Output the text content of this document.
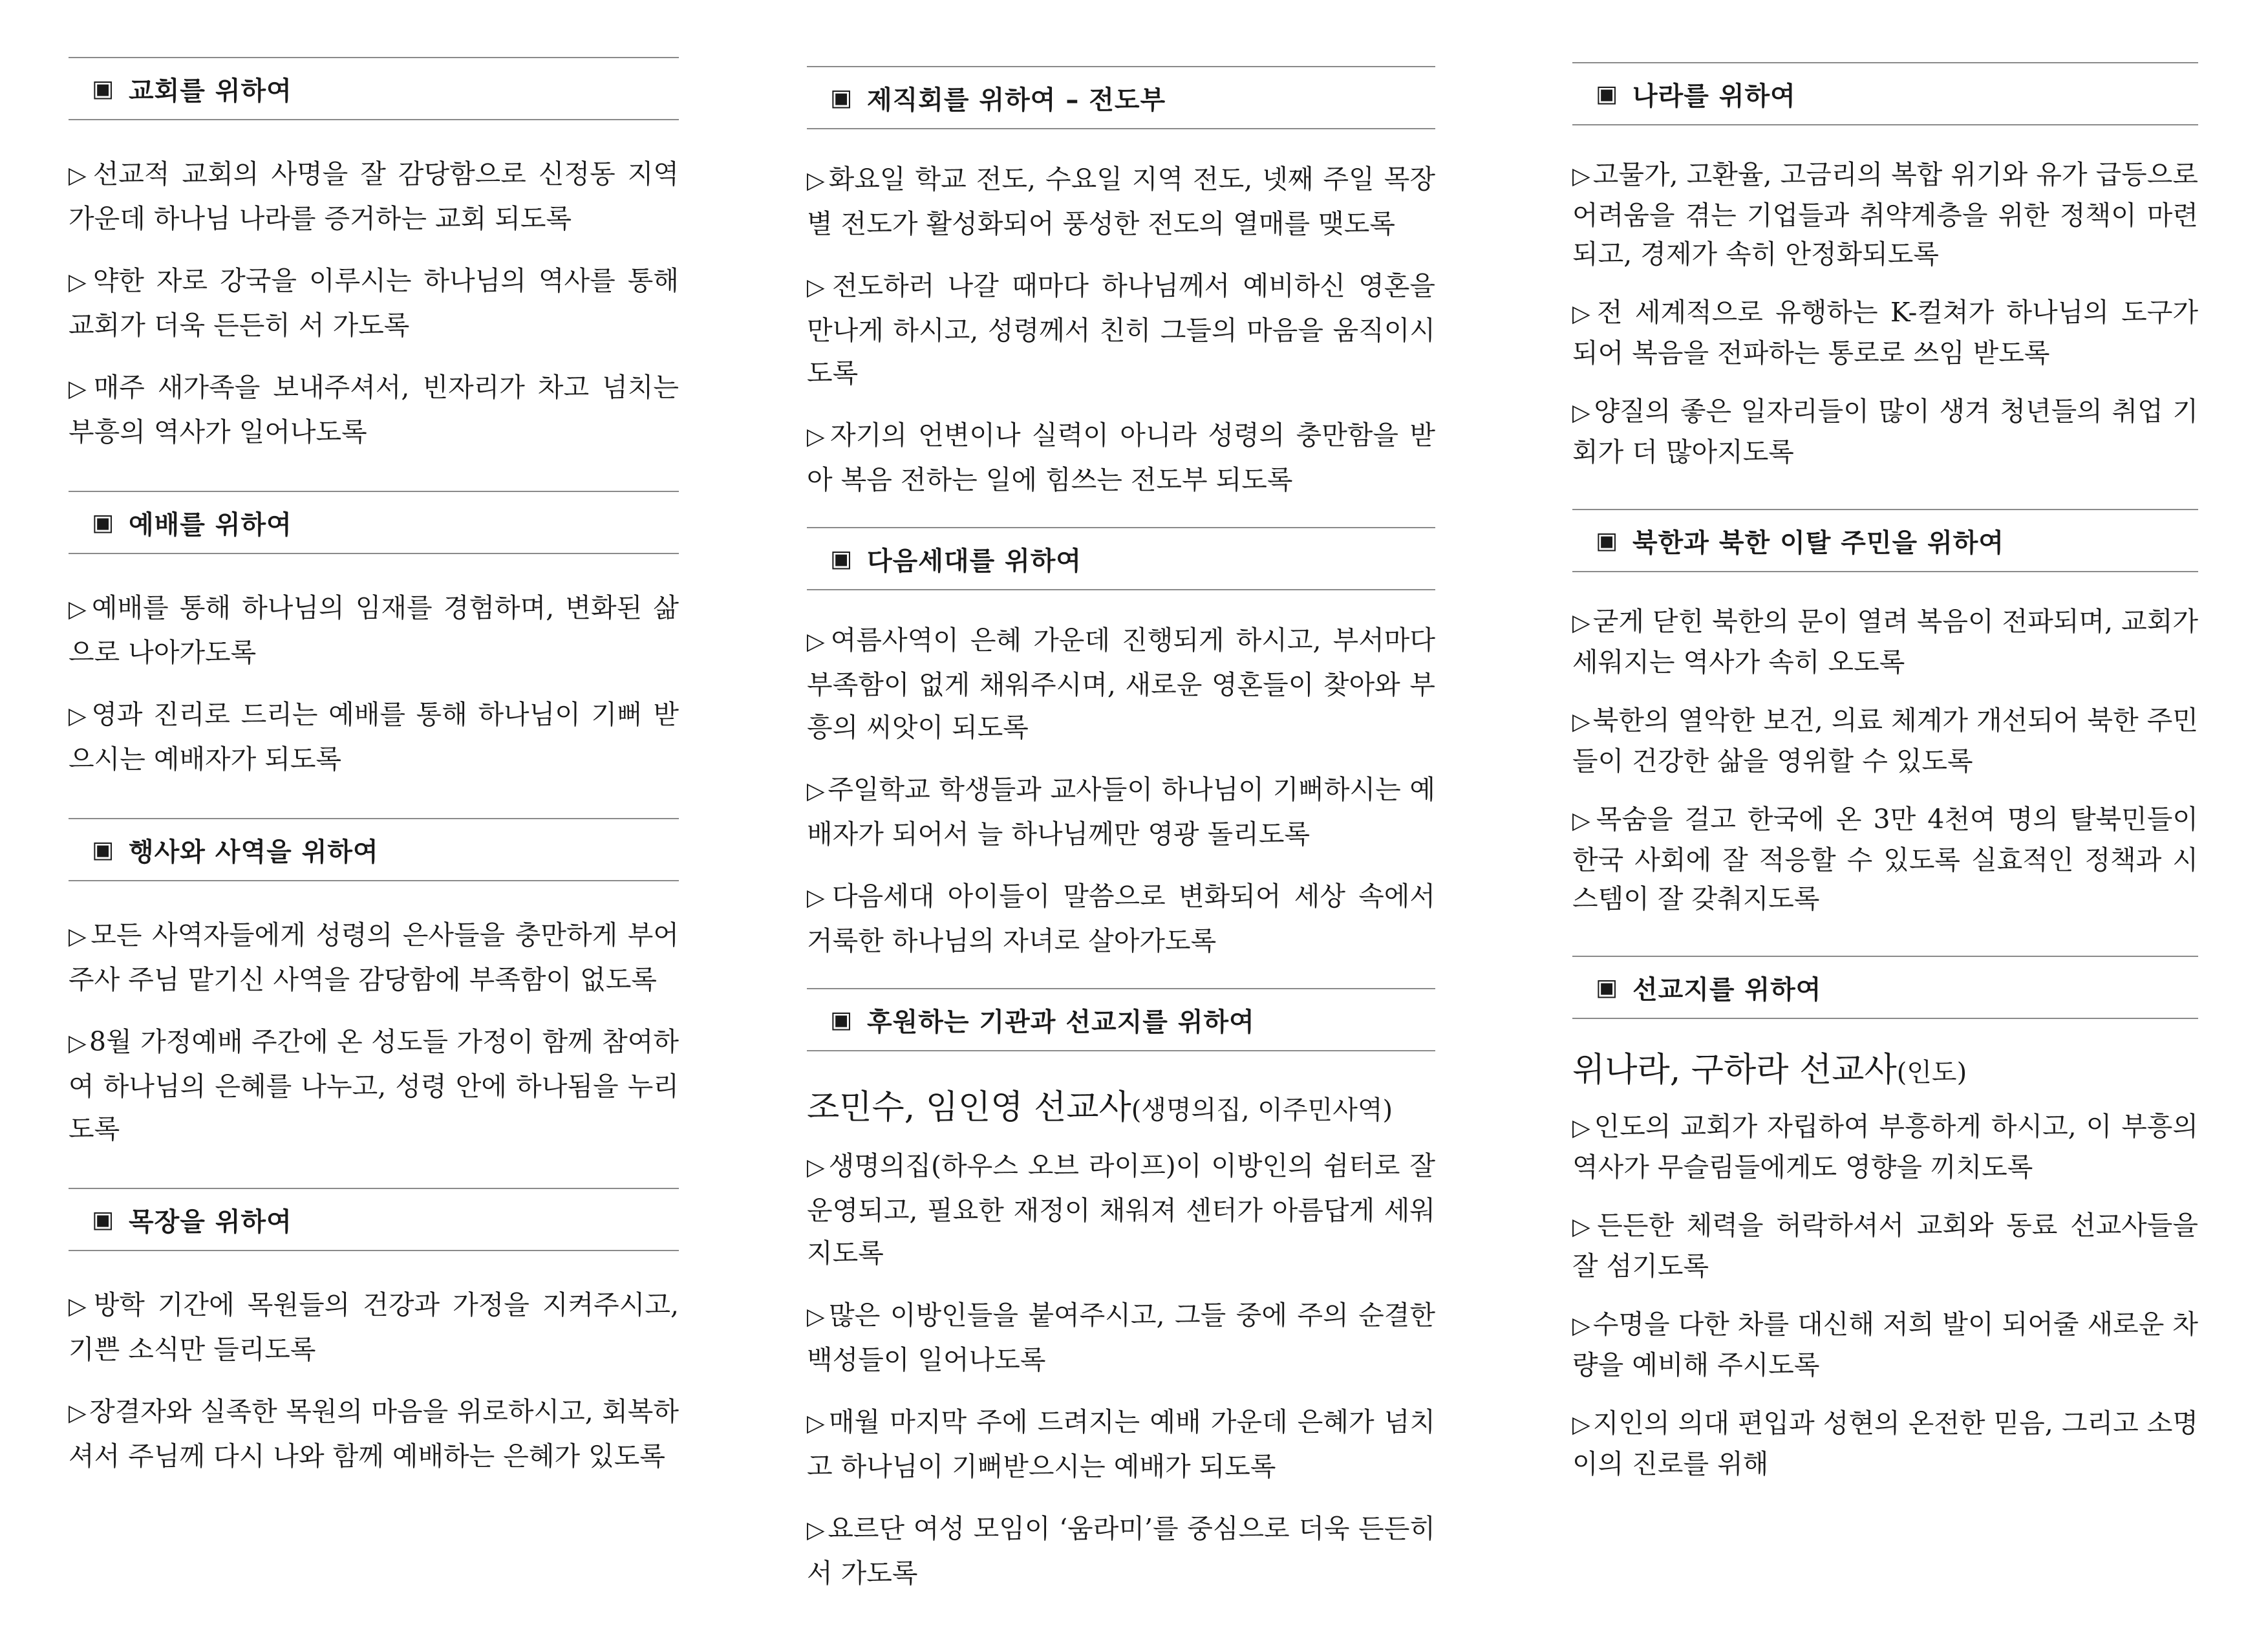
▣ 교회를 위하여
▷선교적 교회의 사명을 잘 감당함으로 신정동 지역 가운데 하나님 나라를 증거하는 교회 되도록
▷약한 자로 강국을 이루시는 하나님의 역사를 통해 교회가 더욱 든든히 서 가도록
▷매주 새가족을 보내주셔서, 빈자리가 차고 넘치는 부흥의 역사가 일어나도록
▣ 예배를 위하여
▷예배를 통해 하나님의 임재를 경험하며, 변화된 삶으로 나아가도록
▷영과 진리로 드리는 예배를 통해 하나님이 기뻐 받으시는 예배자가 되도록
▣ 행사와 사역을 위하여
▷모든 사역자들에게 성령의 은사들을 충만하게 부어주사 주님 맡기신 사역을 감당함에 부족함이 없도록
▷8월 가정예배 주간에 온 성도들 가정이 함께 참여하여 하나님의 은혜를 나누고, 성령 안에 하나됨을 누리도록
▣ 목장을 위하여
▷방학 기간에 목원들의 건강과 가정을 지켜주시고, 기쁜 소식만 들리도록
▷장결자와 실족한 목원의 마음을 위로하시고, 회복하셔서 주님께 다시 나와 함께 예배하는 은혜가 있도록
▣ 제직회를 위하여 – 전도부
▷화요일 학교 전도, 수요일 지역 전도, 넷째 주일 목장별 전도가 활성화되어 풍성한 전도의 열매를 맺도록
▷전도하러 나갈 때마다 하나님께서 예비하신 영혼을 만나게 하시고, 성령께서 친히 그들의 마음을 움직이시도록
▷자기의 언변이나 실력이 아니라 성령의 충만함을 받아 복음 전하는 일에 힘쓰는 전도부 되도록
▣ 다음세대를 위하여
▷여름사역이 은혜 가운데 진행되게 하시고, 부서마다 부족함이 없게 채워주시며, 새로운 영혼들이 찾아와 부흥의 씨앗이 되도록
▷주일학교 학생들과 교사들이 하나님이 기뻐하시는 예배자가 되어서 늘 하나님께만 영광 돌리도록
▷다음세대 아이들이 말씀으로 변화되어 세상 속에서 거룩한 하나님의 자녀로 살아가도록
▣ 후원하는 기관과 선교지를 위하여
조민수, 임인영 선교사(생명의집, 이주민사역)
▷생명의집(하우스 오브 라이프)이 이방인의 쉼터로 잘 운영되고, 필요한 재정이 채워져 센터가 아름답게 세워지도록
▷많은 이방인들을 붙여주시고, 그들 중에 주의 순결한 백성들이 일어나도록
▷매월 마지막 주에 드려지는 예배 가운데 은혜가 넘치고 하나님이 기뻐받으시는 예배가 되도록
▷요르단 여성 모임이 ‘움라미’를 중심으로 더욱 든든히 서 가도록
▣ 나라를 위하여
▷고물가, 고환율, 고금리의 복합 위기와 유가 급등으로 어려움을 겪는 기업들과 취약계층을 위한 정책이 마련되고, 경제가 속히 안정화되도록
▷전 세계적으로 유행하는 K-컬쳐가 하나님의 도구가 되어 복음을 전파하는 통로로 쓰임 받도록
▷양질의 좋은 일자리들이 많이 생겨 청년들의 취업 기회가 더 많아지도록
▣ 북한과 북한 이탈 주민을 위하여
▷굳게 닫힌 북한의 문이 열려 복음이 전파되며, 교회가 세워지는 역사가 속히 오도록
▷북한의 열악한 보건, 의료 체계가 개선되어 북한 주민들이 건강한 삶을 영위할 수 있도록
▷목숨을 걸고 한국에 온 3만 4천여 명의 탈북민들이 한국 사회에 잘 적응할 수 있도록 실효적인 정책과 시스템이 잘 갖춰지도록
▣ 선교지를 위하여
위나라, 구하라 선교사(인도)
▷인도의 교회가 자립하여 부흥하게 하시고, 이 부흥의 역사가 무슬림들에게도 영향을 끼치도록
▷든든한 체력을 허락하셔서 교회와 동료 선교사들을 잘 섬기도록
▷수명을 다한 차를 대신해 저희 발이 되어줄 새로운 차량을 예비해 주시도록
▷지인의 의대 편입과 성현의 온전한 믿음, 그리고 소명이의 진로를 위해
